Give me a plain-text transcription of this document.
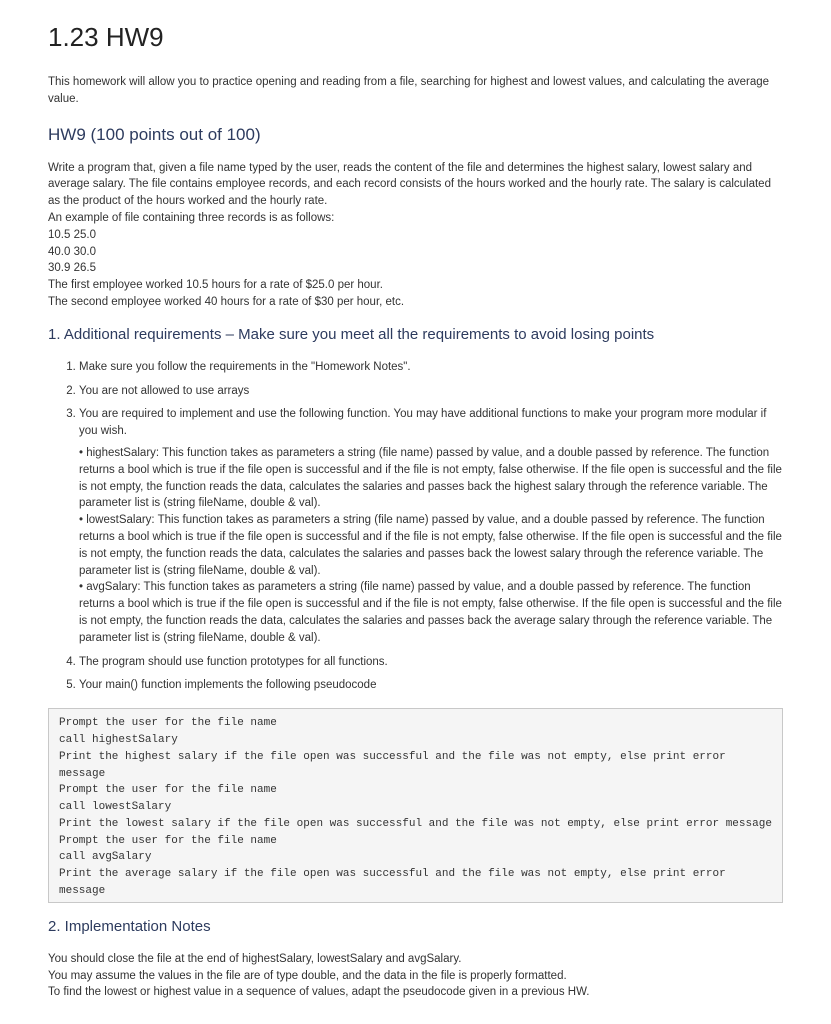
1.23 HW9

This homework will allow you to practice opening and reading from a file, searching for highest and lowest values, and calculating the average value.

HW9 (100 points out of 100)
Write a program that, given a file name typed by the user, reads the content of the file and determines the highest salary, lowest salary and average salary. The file contains employee records, and each record consists of the hours worked and the hourly rate. The salary is calculated as the product of the hours worked and the hourly rate.
An example of file containing three records is as follows:
10.5 25.0
40.0 30.0
30.9 26.5
The first employee worked 10.5 hours for a rate of $25.0 per hour.
The second employee worked 40 hours for a rate of $30 per hour, etc.
1. Additional requirements – Make sure you meet all the requirements to avoid losing points
1. Make sure you follow the requirements in the "Homework Notes".
2. You are not allowed to use arrays
3. You are required to implement and use the following function. You may have additional functions to make your program more modular if you wish.
• highestSalary: This function takes as parameters a string (file name) passed by value, and a double passed by reference. The function returns a bool which is true if the file open is successful and if the file is not empty, false otherwise. If the file open is successful and the file is not empty, the function reads the data, calculates the salaries and passes back the highest salary through the reference variable. The parameter list is (string fileName, double & val).
• lowestSalary: This function takes as parameters a string (file name) passed by value, and a double passed by reference. The function returns a bool which is true if the file open is successful and if the file is not empty, false otherwise. If the file open is successful and the file is not empty, the function reads the data, calculates the salaries and passes back the lowest salary through the reference variable. The parameter list is (string fileName, double & val).
• avgSalary: This function takes as parameters a string (file name) passed by value, and a double passed by reference. The function returns a bool which is true if the file open is successful and if the file is not empty, false otherwise. If the file open is successful and the file is not empty, the function reads the data, calculates the salaries and passes back the average salary through the reference variable. The parameter list is (string fileName, double & val).
4. The program should use function prototypes for all functions.
5. Your main() function implements the following pseudocode
Prompt the user for the file name
call highestSalary
Print the highest salary if the file open was successful and the file was not empty, else print error message
Prompt the user for the file name
call lowestSalary
Print the lowest salary if the file open was successful and the file was not empty, else print error message
Prompt the user for the file name
call avgSalary
Print the average salary if the file open was successful and the file was not empty, else print error message
2. Implementation Notes
You should close the file at the end of highestSalary, lowestSalary and avgSalary.
You may assume the values in the file are of type double, and the data in the file is properly formatted.
To find the lowest or highest value in a sequence of values, adapt the pseudocode given in a previous HW.
